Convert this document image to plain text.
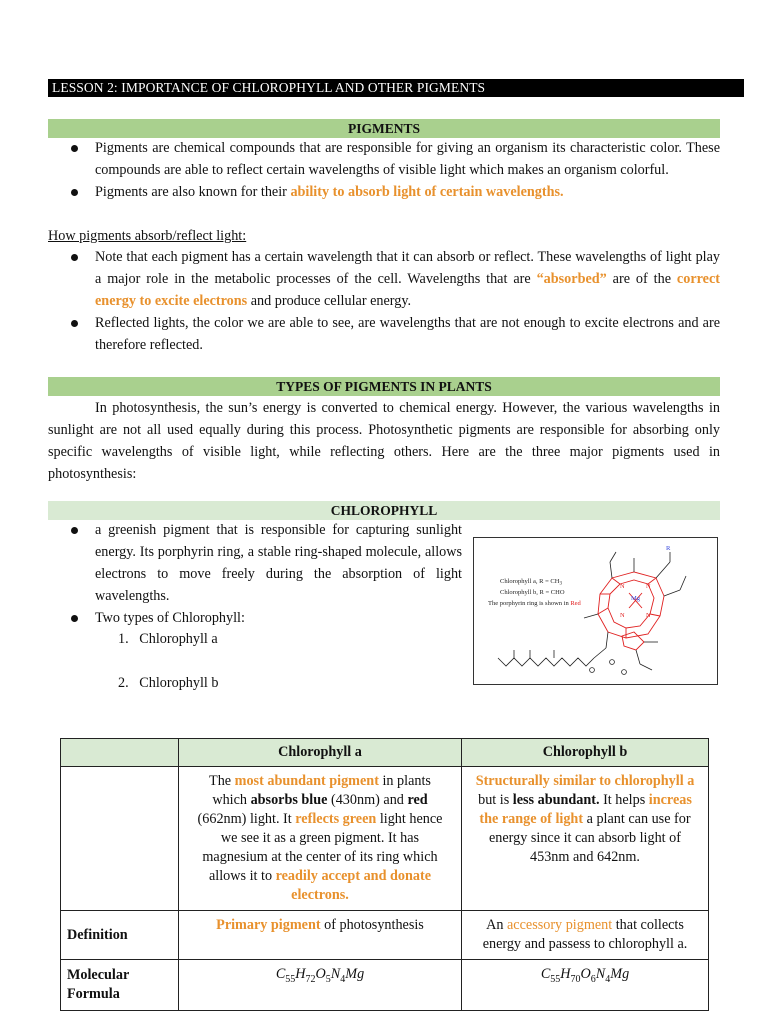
LESSON 2: IMPORTANCE OF CHLOROPHYLL AND OTHER PIGMENTS
PIGMENTS
Pigments are chemical compounds that are responsible for giving an organism its characteristic color. These compounds are able to reflect certain wavelengths of visible light which makes an organism colorful.
Pigments are also known for their ability to absorb light of certain wavelengths.
How pigments absorb/reflect light:
Note that each pigment has a certain wavelength that it can absorb or reflect. These wavelengths of light play a major role in the metabolic processes of the cell. Wavelengths that are “absorbed” are of the correct energy to excite electrons and produce cellular energy.
Reflected lights, the color we are able to see, are wavelengths that are not enough to excite electrons and are therefore reflected.
TYPES OF PIGMENTS IN PLANTS
In photosynthesis, the sun’s energy is converted to chemical energy. However, the various wavelengths in sunlight are not all used equally during this process. Photosynthetic pigments are responsible for absorbing only specific wavelengths of visible light, while reflecting others. Here are the three major pigments used in photosynthesis:
CHLOROPHYLL
a greenish pigment that is responsible for capturing sunlight energy. Its porphyrin ring, a stable ring-shaped molecule, allows electrons to move freely during the absorption of light wavelengths.
Two types of Chlorophyll:
1.   Chlorophyll a
2.   Chlorophyll b
Chlorophyll a, $R = CH_3$
Chlorophyll b, R = CHO
The porphyrin ring is shown in Red
R
Mg
N	N
N	N
	Chlorophyll a	Chlorophyll b
	The most abundant pigment in plants which absorbs blue (430nm) and red (662nm) light. It reflects green light hence we see it as a green pigment. It has magnesium at the center of its ring which allows it to readily accept and donate electrons.	Structurally similar to chlorophyll a but is less abundant. It helps increas the range of light a plant can use for energy since it can absorb light of 453nm and 642nm.
Definition	Primary pigment of photosynthesis	An accessory pigment that collects energy and passess to chlorophyll a.
Molecular
Formula	$C_{55}H_{72}O_5N_4Mg$	$C_{55}H_{70}O_6N_4Mg$
